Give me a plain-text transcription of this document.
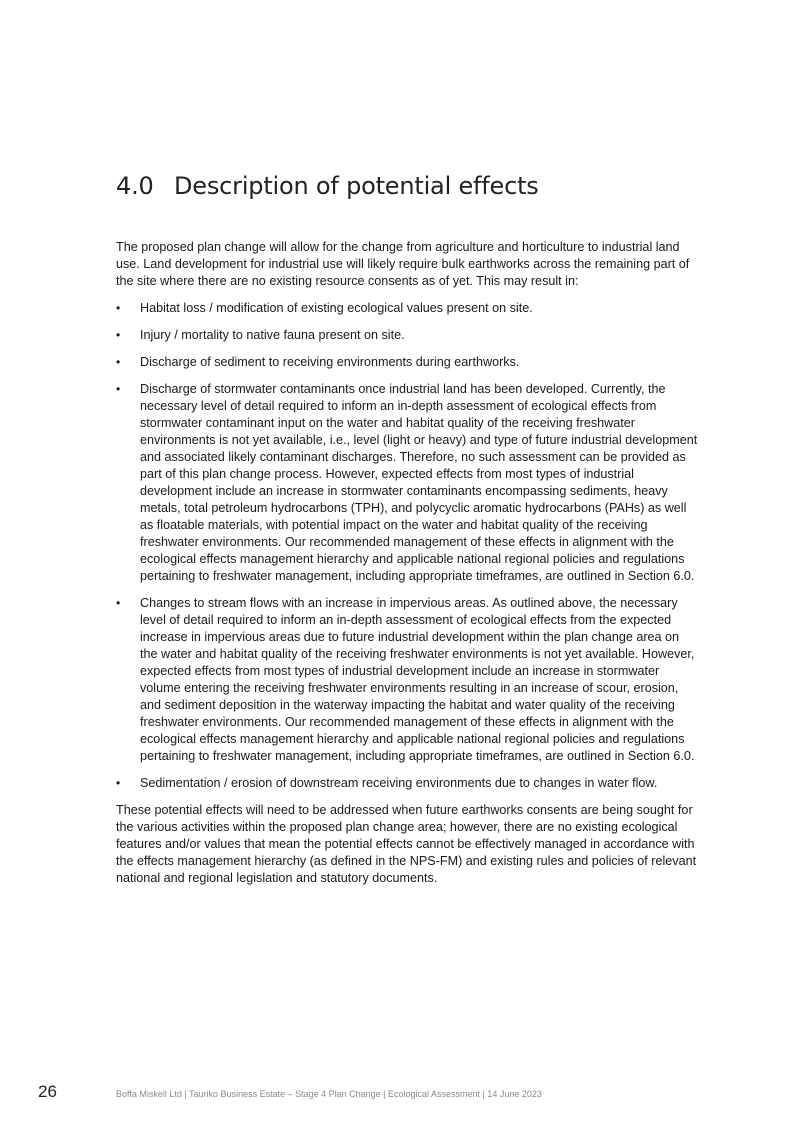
4.0 Description of potential effects

The proposed plan change will allow for the change from agriculture and horticulture to industrial land use. Land development for industrial use will likely require bulk earthworks across the remaining part of the site where there are no existing resource consents as of yet. This may result in:

• Habitat loss / modification of existing ecological values present on site.
• Injury / mortality to native fauna present on site.
• Discharge of sediment to receiving environments during earthworks.
• Discharge of stormwater contaminants once industrial land has been developed. Currently, the necessary level of detail required to inform an in-depth assessment of ecological effects from stormwater contaminant input on the water and habitat quality of the receiving freshwater environments is not yet available, i.e., level (light or heavy) and type of future industrial development and associated likely contaminant discharges. Therefore, no such assessment can be provided as part of this plan change process. However, expected effects from most types of industrial development include an increase in stormwater contaminants encompassing sediments, heavy metals, total petroleum hydrocarbons (TPH), and polycyclic aromatic hydrocarbons (PAHs) as well as floatable materials, with potential impact on the water and habitat quality of the receiving freshwater environments. Our recommended management of these effects in alignment with the ecological effects management hierarchy and applicable national regional policies and regulations pertaining to freshwater management, including appropriate timeframes, are outlined in Section 6.0.
• Changes to stream flows with an increase in impervious areas. As outlined above, the necessary level of detail required to inform an in-depth assessment of ecological effects from the expected increase in impervious areas due to future industrial development within the plan change area on the water and habitat quality of the receiving freshwater environments is not yet available. However, expected effects from most types of industrial development include an increase in stormwater volume entering the receiving freshwater environments resulting in an increase of scour, erosion, and sediment deposition in the waterway impacting the habitat and water quality of the receiving freshwater environments. Our recommended management of these effects in alignment with the ecological effects management hierarchy and applicable national regional policies and regulations pertaining to freshwater management, including appropriate timeframes, are outlined in Section 6.0.
• Sedimentation / erosion of downstream receiving environments due to changes in water flow.

These potential effects will need to be addressed when future earthworks consents are being sought for the various activities within the proposed plan change area; however, there are no existing ecological features and/or values that mean the potential effects cannot be effectively managed in accordance with the effects management hierarchy (as defined in the NPS-FM) and existing rules and policies of relevant national and regional legislation and statutory documents.

26	Boffa Miskell Ltd | Tauriko Business Estate – Stage 4 Plan Change | Ecological Assessment | 14 June 2023
